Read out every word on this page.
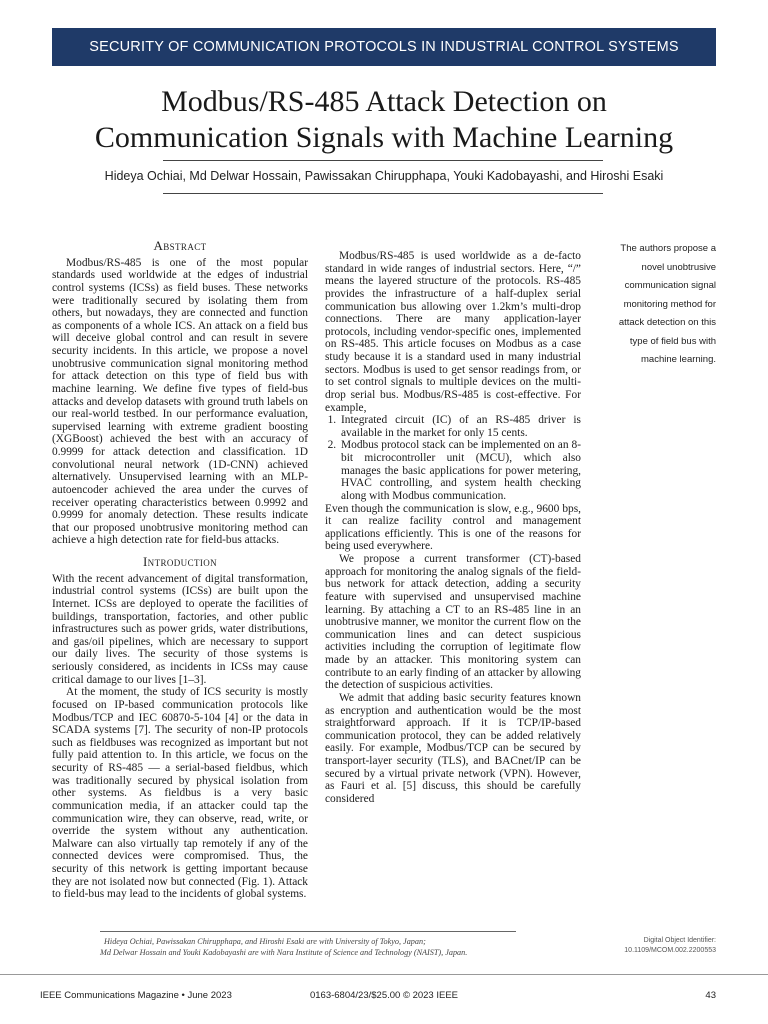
SECURITY OF COMMUNICATION PROTOCOLS IN INDUSTRIAL CONTROL SYSTEMS
Modbus/RS-485 Attack Detection on
Communication Signals with Machine Learning
Hideya Ochiai, Md Delwar Hossain, Pawissakan Chirupphapa, Youki Kadobayashi, and Hiroshi Esaki
Abstract

Modbus/RS-485 is one of the most popular standards used worldwide at the edges of industrial control systems (ICSs) as field buses. These networks were traditionally secured by isolating them from others, but nowadays, they are connected and function as components of a whole ICS. An attack on a field bus will deceive global control and can result in severe security incidents. In this article, we propose a novel unobtrusive communication signal monitoring method for attack detection on this type of field bus with machine learning. We define five types of field-bus attacks and develop datasets with ground truth labels on our real-world testbed. In our performance evaluation, supervised learning with extreme gradient boosting (XGBoost) achieved the best with an accuracy of 0.9999 for attack detection and classification. 1D convolutional neural network (1D-CNN) achieved alternatively. Unsupervised learning with an MLP-autoencoder achieved the area under the curves of receiver operating characteristics between 0.9992 and 0.9999 for anomaly detection. These results indicate that our proposed unobtrusive monitoring method can achieve a high detection rate for field-bus attacks.

Introduction

With the recent advancement of digital transformation, industrial control systems (ICSs) are built upon the Internet. ICSs are deployed to operate the facilities of buildings, transportation, factories, and other public infrastructures such as power grids, water distributions, and gas/oil pipelines, which are necessary to support our daily lives. The security of those systems is seriously considered, as incidents in ICSs may cause critical damage to our lives [1–3].

At the moment, the study of ICS security is mostly focused on IP-based communication protocols like Modbus/TCP and IEC 60870-5-104 [4] or the data in SCADA systems [7]. The security of non-IP protocols such as fieldbuses was recognized as important but not fully paid attention to. In this article, we focus on the security of RS-485 — a serial-based fieldbus, which was traditionally secured by physical isolation from other systems. As fieldbus is a very basic communication media, if an attacker could tap the communication wire, they can observe, read, write, or override the system without any authentication. Malware can also virtually tap remotely if any of the connected devices were compromised. Thus, the security of this network is getting important because they are not isolated now but connected (Fig. 1). Attack to field-bus may lead to the incidents of global systems.

Modbus/RS-485 is used worldwide as a de-facto standard in wide ranges of industrial sectors. Here, “/” means the layered structure of the protocols. RS-485 provides the infrastructure of a half-duplex serial communication bus allowing over 1.2km’s multi-drop connections. There are many application-layer protocols, including vendor-specific ones, implemented on RS-485. This article focuses on Modbus as a case study because it is a standard used in many industrial sectors. Modbus is used to get sensor readings from, or to set control signals to multiple devices on the multi-drop serial bus. Modbus/RS-485 is cost-effective. For example,

1. Integrated circuit (IC) of an RS-485 driver is available in the market for only 15 cents.
2. Modbus protocol stack can be implemented on an 8-bit microcontroller unit (MCU), which also manages the basic applications for power metering, HVAC controlling, and system health checking along with Modbus communication.

Even though the communication is slow, e.g., 9600 bps, it can realize facility control and management applications efficiently. This is one of the reasons for being used everywhere.

We propose a current transformer (CT)-based approach for monitoring the analog signals of the field-bus network for attack detection, adding a security feature with supervised and unsupervised machine learning. By attaching a CT to an RS-485 line in an unobtrusive manner, we monitor the current flow on the communication lines and can detect suspicious activities including the corruption of legitimate flow made by an attacker. This monitoring system can contribute to an early finding of an attacker by allowing the detection of suspicious activities.

We admit that adding basic security features known as encryption and authentication would be the most straightforward approach. If it is TCP/IP-based communication protocol, they can be added relatively easily. For example, Modbus/TCP can be secured by transport-layer security (TLS), and BACnet/IP can be secured by a virtual private network (VPN). However, as Fauri et al. [5] discuss, this should be carefully considered

The authors propose a novel unobtrusive communication signal monitoring method for attack detection on this type of field bus with machine learning.
Hideya Ochiai, Pawissakan Chirupphapa, and Hiroshi Esaki are with University of Tokyo, Japan;
Md Delwar Hossain and Youki Kadobayashi are with Nara Institute of Science and Technology (NAIST), Japan.
Digital Object Identifier:
10.1109/MCOM.002.2200553
0163-6804/23/$25.00 © 2023 IEEE
IEEE Communications Magazine • June 2023	43
